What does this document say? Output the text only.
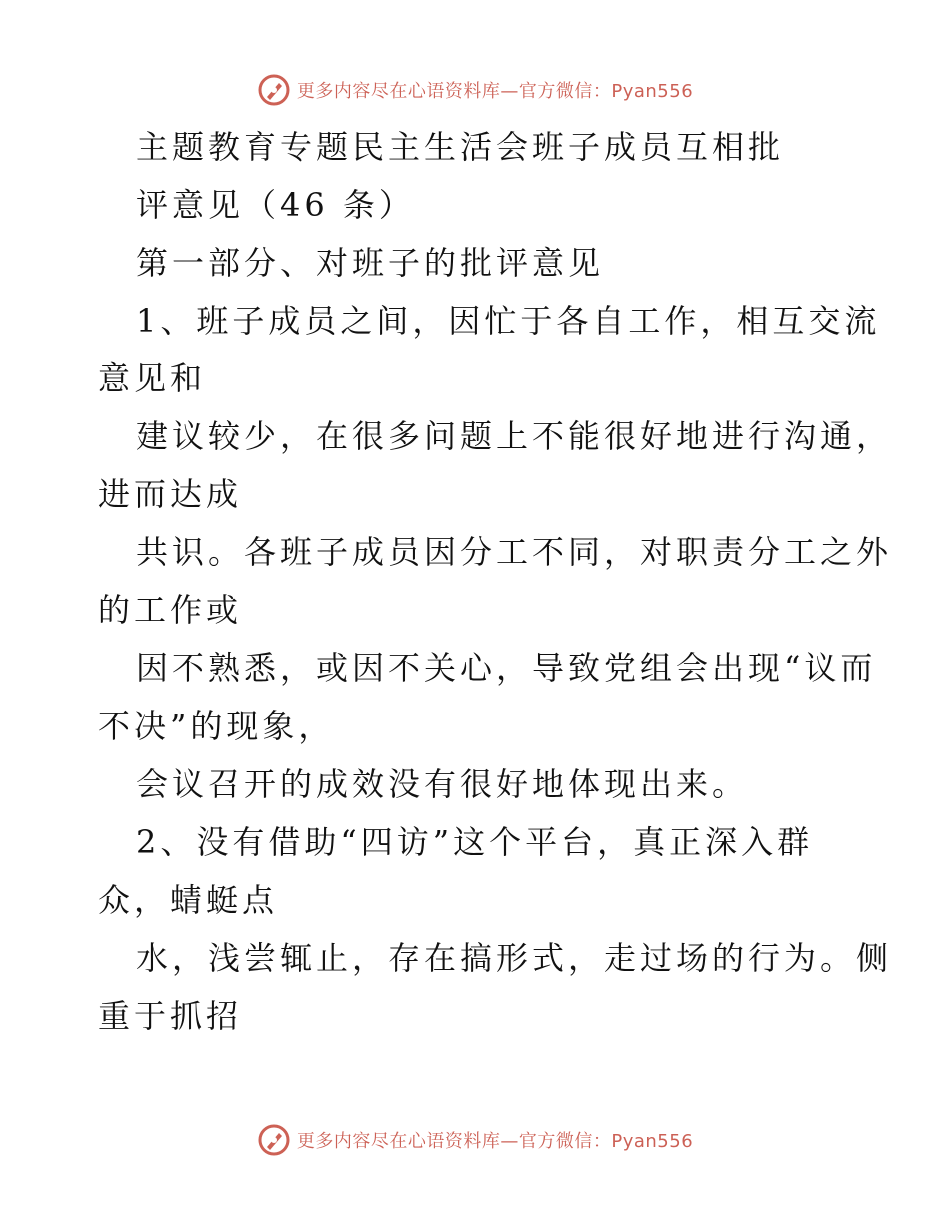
更多内容尽在心语资料库—官方微信：Pyan556
主题教育专题民主生活会班子成员互相批
评意见（46 条）
第一部分、对班子的批评意见
1、班子成员之间，因忙于各自工作，相互交流
意见和
建议较少，在很多问题上不能很好地进行沟通，
进而达成
共识。各班子成员因分工不同，对职责分工之外
的工作或
因不熟悉，或因不关心，导致党组会出现“议而
不决”的现象，
会议召开的成效没有很好地体现出来。
2、没有借助“四访”这个平台，真正深入群
众，蜻蜓点
水，浅尝辄止，存在搞形式，走过场的行为。侧
重于抓招
更多内容尽在心语资料库—官方微信：Pyan556
